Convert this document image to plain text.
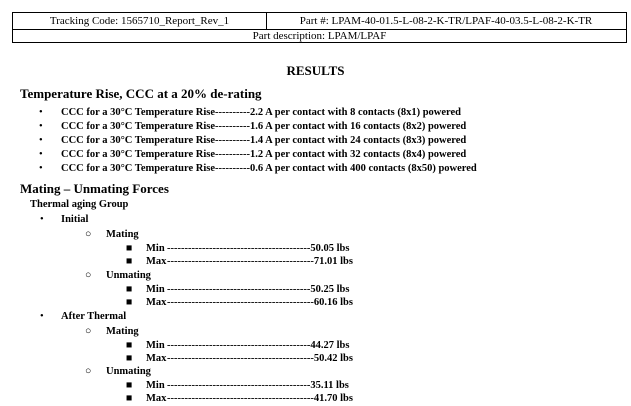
Tracking Code: 1565710_Report_Rev_1	Part #: LPAM-40-01.5-L-08-2-K-TR/LPAF-40-03.5-L-08-2-K-TR
Part description: LPAM/LPAF
RESULTS
Temperature Rise, CCC at a 20% de-rating
• CCC for a 30°C Temperature Rise----------2.2 A per contact with 8 contacts (8x1) powered
• CCC for a 30°C Temperature Rise----------1.6 A per contact with 16 contacts (8x2) powered
• CCC for a 30°C Temperature Rise----------1.4 A per contact with 24 contacts (8x3) powered
• CCC for a 30°C Temperature Rise----------1.2 A per contact with 32 contacts (8x4) powered
• CCC for a 30°C Temperature Rise----------0.6 A per contact with 400 contacts (8x50) powered
Mating – Unmating Forces
Thermal aging Group
• Initial
○ Mating
■ Min -----------------------------------------50.05 lbs
■ Max ------------------------------------------71.01 lbs
○ Unmating
■ Min -----------------------------------------50.25 lbs
■ Max ------------------------------------------60.16 lbs
• After Thermal
○ Mating
■ Min -----------------------------------------44.27 lbs
■ Max ------------------------------------------50.42 lbs
○ Unmating
■ Min -----------------------------------------35.11 lbs
■ Max ------------------------------------------41.70 lbs
